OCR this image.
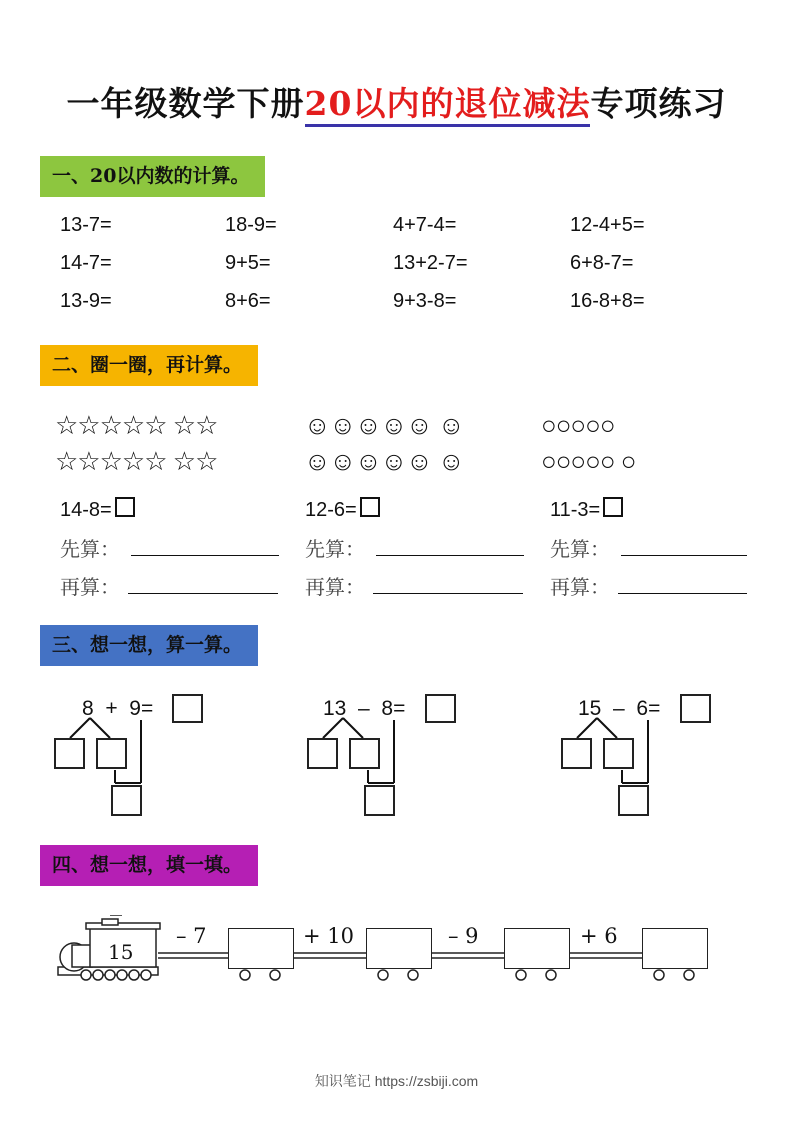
一年级数学下册20以内的退位减法专项练习
一、20以内数的计算。
13-7=	18-9=	4+7-4=	12-4+5=
14-7=	9+5=	13+2-7=	6+8-7=
13-9=	8+6=	9+3-8=	16-8+8=
二、圈一圈，再计算。
☆☆☆☆☆ ☆☆
☆☆☆☆☆ ☆☆
☺☺☺☺☺ ☺
☺☺☺☺☺ ☺
○○○○○
○○○○○ ○
14-8=	12-6=	11-3=
先算：
再算：
先算：
再算：
先算：
再算：
三、想一想，算一算。
8 + 9=	13 – 8=	15 – 6=
四、想一想，填一填。
15
– 7	+ 10	– 9	+ 6
知识笔记 https://zsbiji.com
